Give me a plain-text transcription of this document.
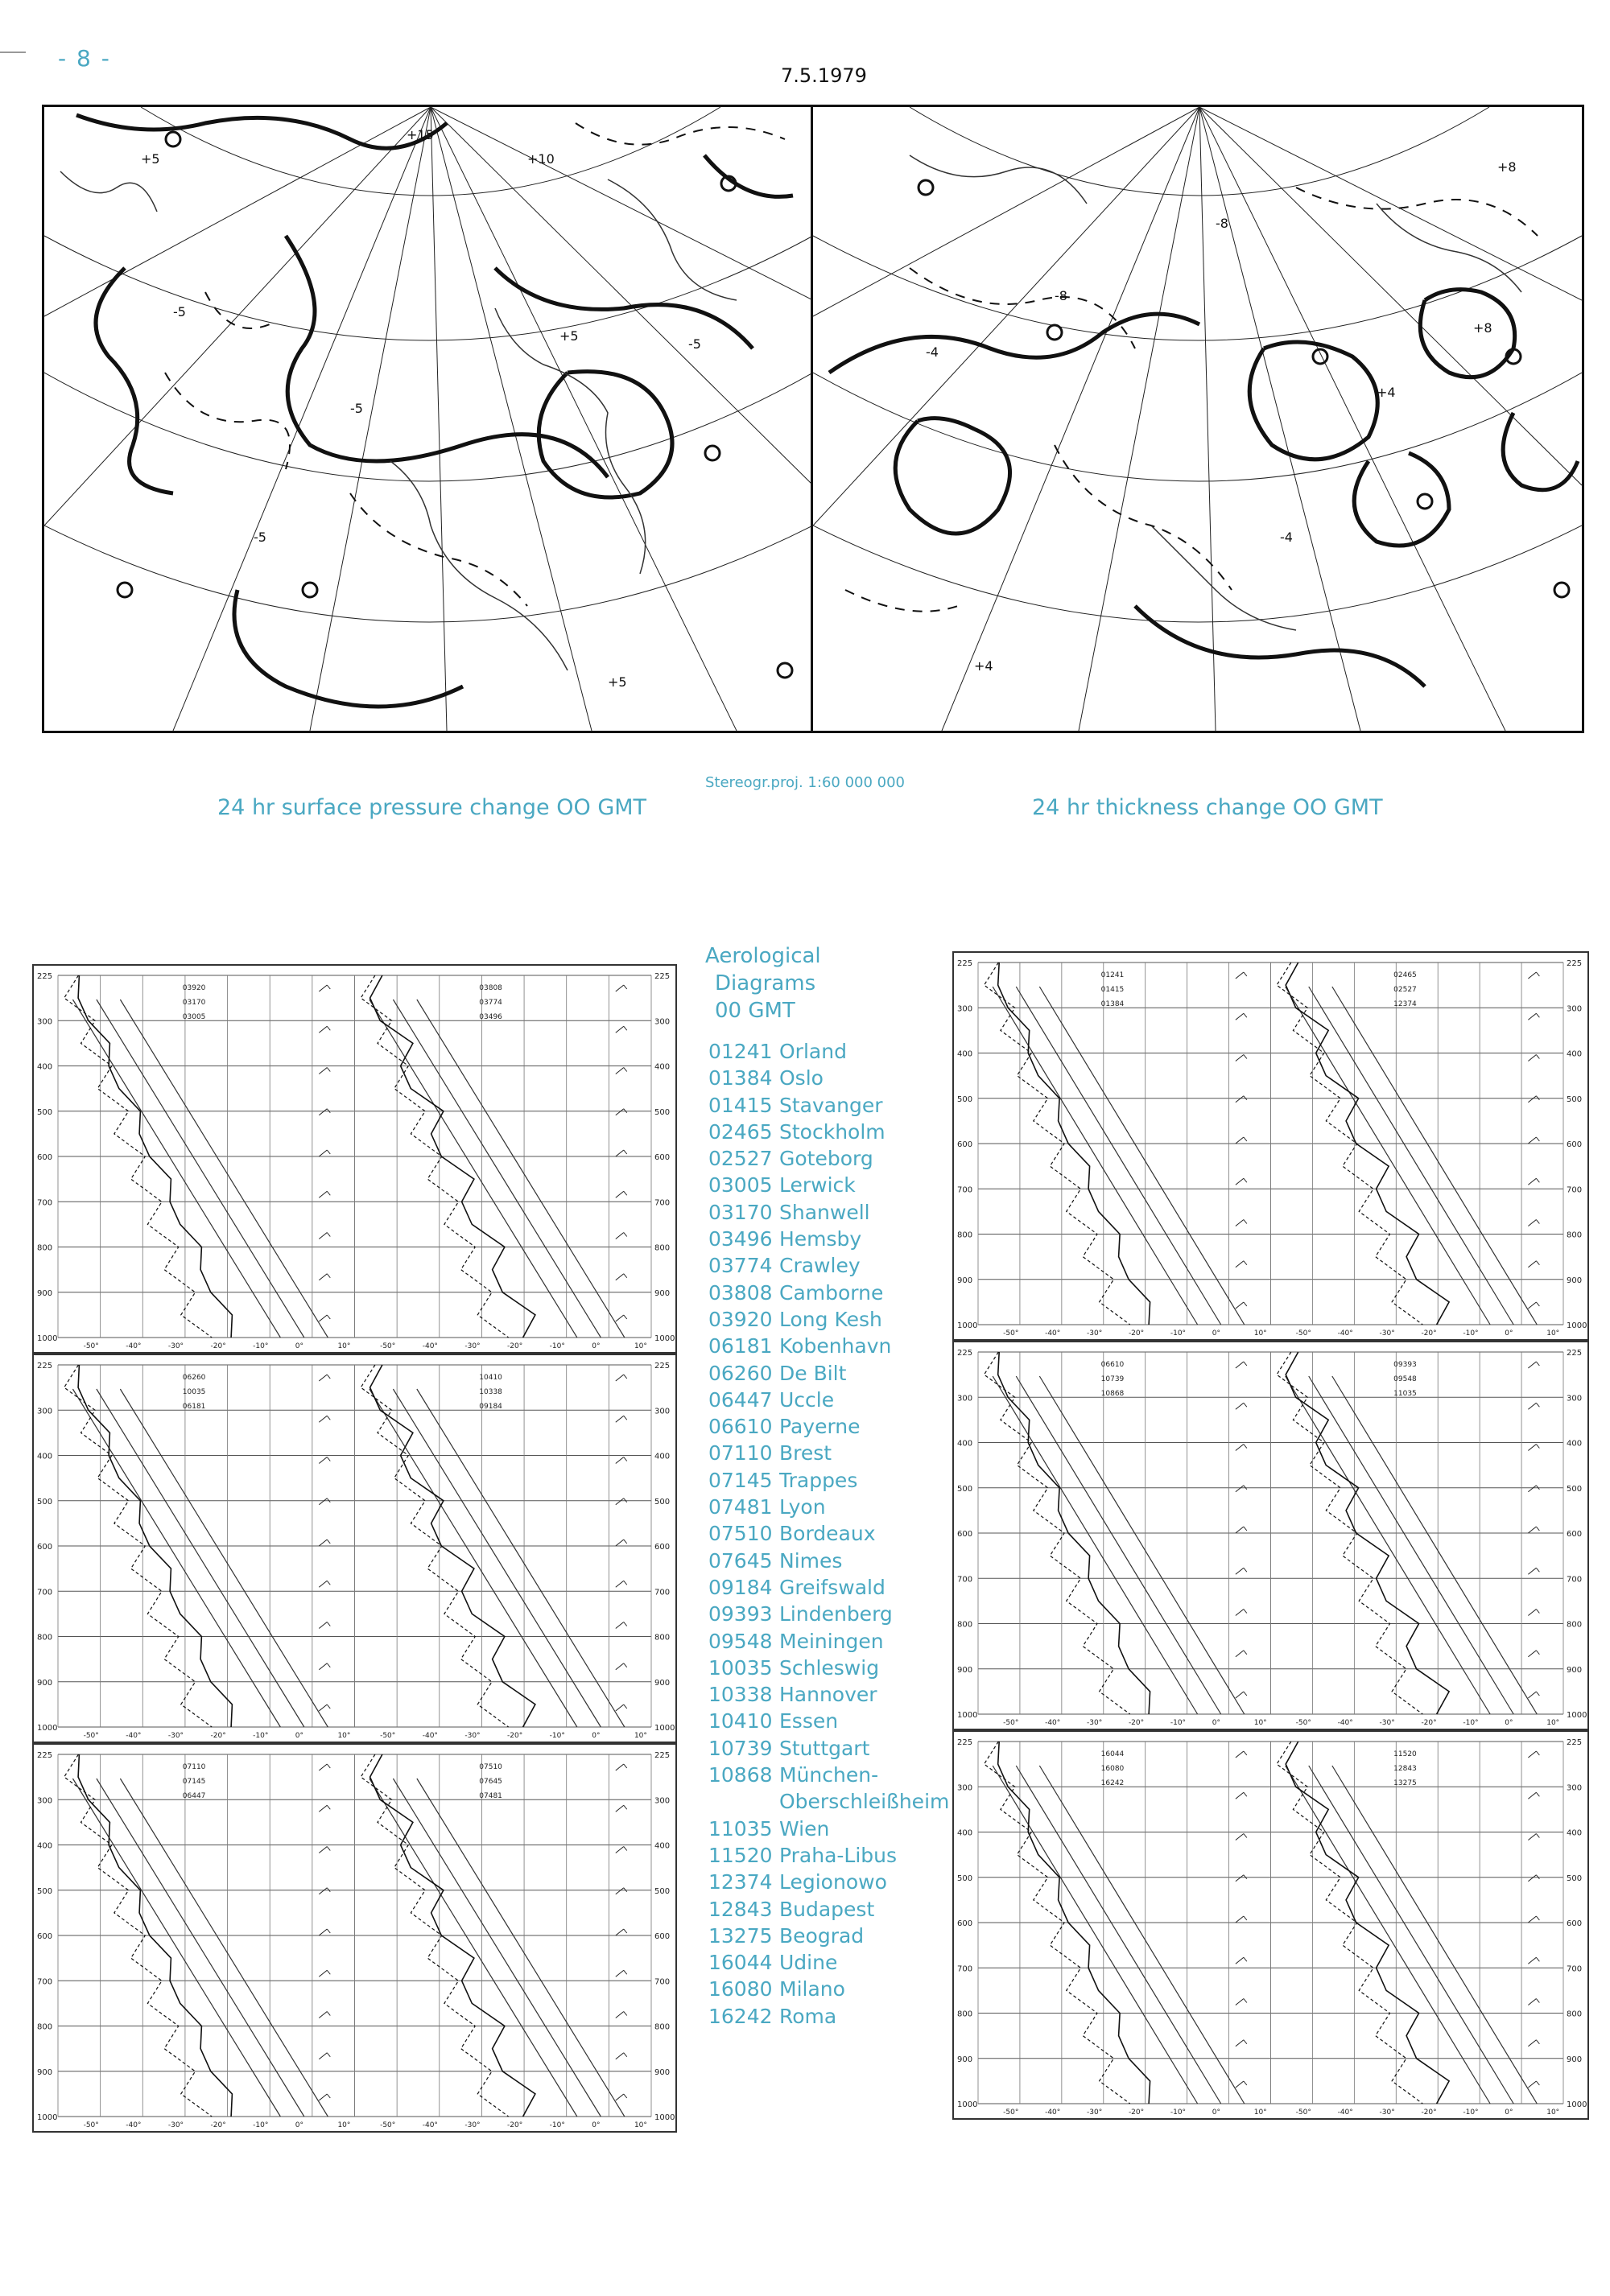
- 8 -
7.5.1979
+5
+15
+10
-5
-5
+5
-5
+5
-5
-4
-8
+4
+8
-4
+4
+8
-8
Stereogr.proj. 1:60 000 000
24 hr surface pressure change OO GMT	24 hr thickness change OO GMT
225	225
300	300
400	400
500	500
600	600
700	700
800	800
900	900
1000	1000
-50°	-40°	-30°	-20°	-10°	0°	10°
03920
03170
03005
-50°	-40°	-30°	-20°	-10°	0°	10°
03808
03774
03496
225	225
300	300
400	400
500	500
600	600
700	700
800	800
900	900
1000	1000
-50°	-40°	-30°	-20°	-10°	0°	10°
06260
10035
06181
-50°	-40°	-30°	-20°	-10°	0°	10°
10410
10338
09184
225	225
300	300
400	400
500	500
600	600
700	700
800	800
900	900
1000	1000
-50°	-40°	-30°	-20°	-10°	0°	10°
07110
07145
06447
-50°	-40°	-30°	-20°	-10°	0°	10°
07510
07645
07481
225	225
300	300
400	400
500	500
600	600
700	700
800	800
900	900
1000	1000
-50°	-40°	-30°	-20°	-10°	0°	10°
01241
01415
01384
-50°	-40°	-30°	-20°	-10°	0°	10°
02465
02527
12374
225	225
300	300
400	400
500	500
600	600
700	700
800	800
900	900
1000	1000
-50°	-40°	-30°	-20°	-10°	0°	10°
06610
10739
10868
-50°	-40°	-30°	-20°	-10°	0°	10°
09393
09548
11035
225	225
300	300
400	400
500	500
600	600
700	700
800	800
900	900
1000	1000
-50°	-40°	-30°	-20°	-10°	0°	10°
16044
16080
16242
-50°	-40°	-30°	-20°	-10°	0°	10°
11520
12843
13275
Aerological
Diagrams
00 GMT
01241 Orland
01384 Oslo
01415 Stavanger
02465 Stockholm
02527 Goteborg
03005 Lerwick
03170 Shanwell
03496 Hemsby
03774 Crawley
03808 Camborne
03920 Long Kesh
06181 Kobenhavn
06260 De Bilt
06447 Uccle
06610 Payerne
07110 Brest
07145 Trappes
07481 Lyon
07510 Bordeaux
07645 Nimes
09184 Greifswald
09393 Lindenberg
09548 Meiningen
10035 Schleswig
10338 Hannover
10410 Essen
10739 Stuttgart
10868 München-
Oberschleißheim
11035 Wien
11520 Praha-Libus
12374 Legionowo
12843 Budapest
13275 Beograd
16044 Udine
16080 Milano
16242 Roma
